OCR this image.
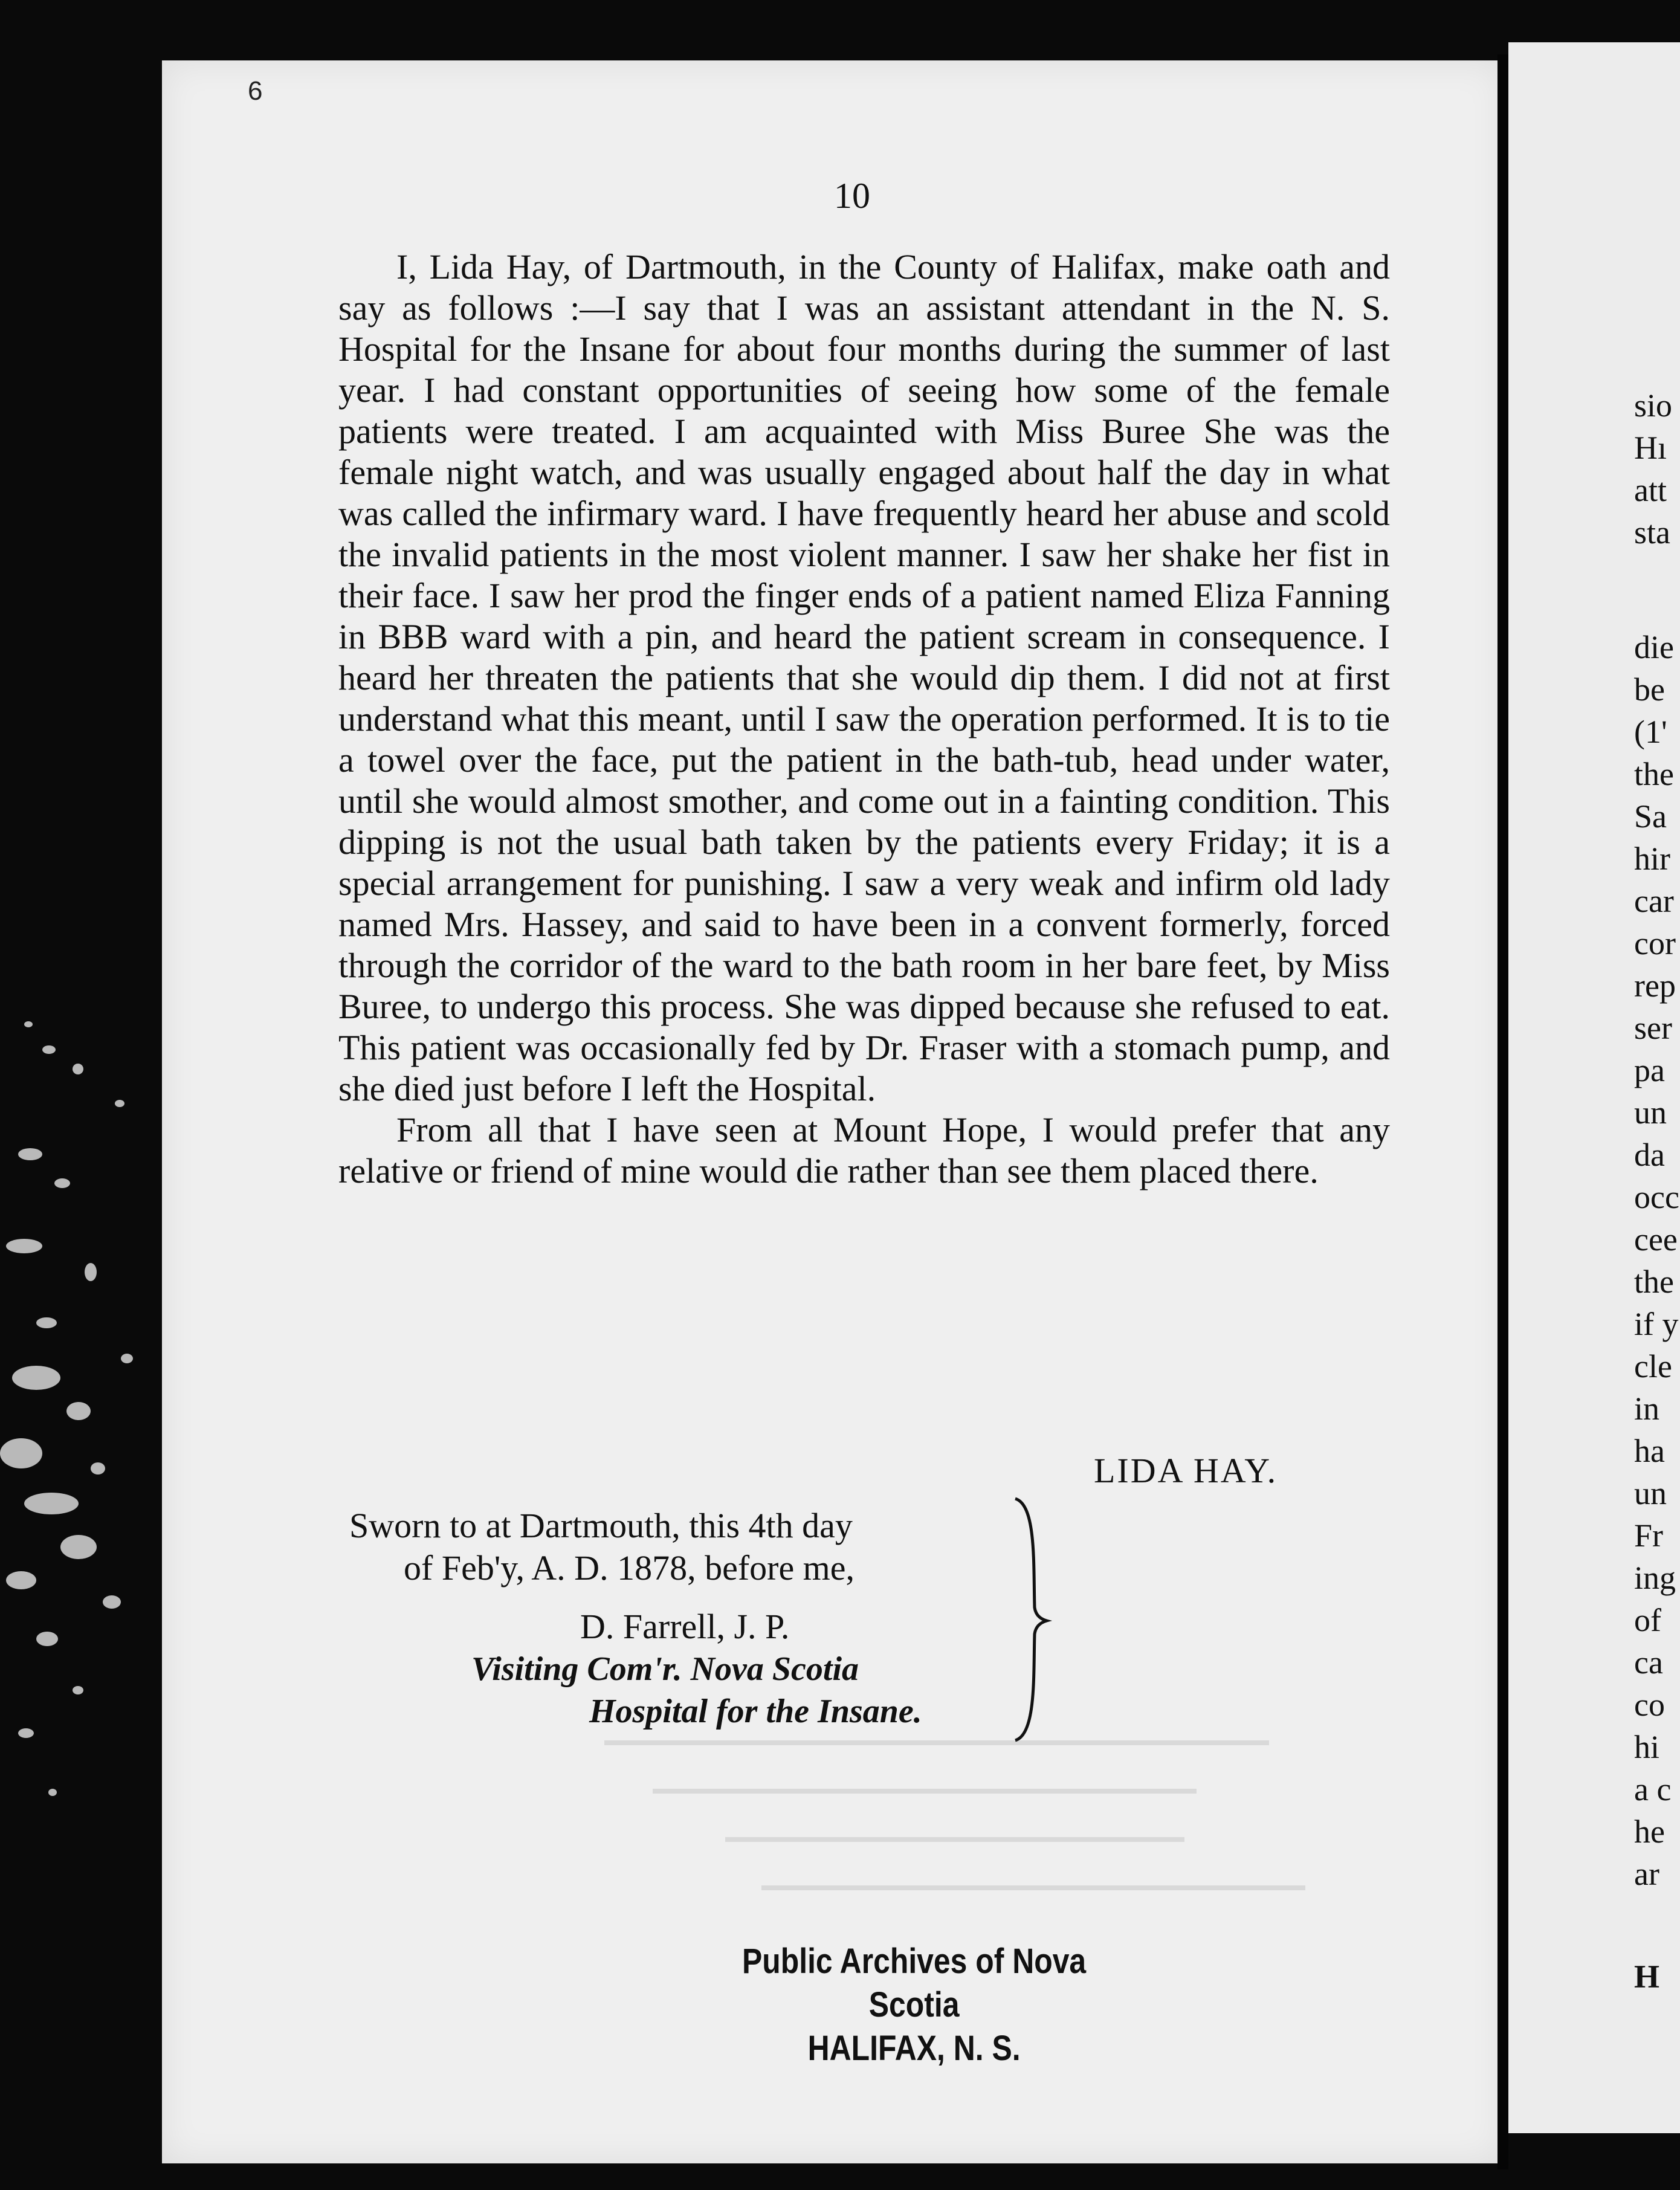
6
10

I, Lida Hay, of Dartmouth, in the County of Halifax, make oath and say as follows :—I say that I was an assistant attendant in the N. S. Hospital for the Insane for about four months during the summer of last year. I had constant opportunities of seeing how some of the female patients were treated. I am acquainted with Miss Buree She was the female night watch, and was usually engaged about half the day in what was called the infirmary ward. I have frequently heard her abuse and scold the invalid patients in the most violent manner. I saw her shake her fist in their face. I saw her prod the finger ends of a patient named Eliza Fanning in BBB ward with a pin, and heard the patient scream in consequence. I heard her threaten the patients that she would dip them. I did not at first understand what this meant, until I saw the operation performed. It is to tie a towel over the face, put the patient in the bath-tub, head under water, until she would almost smother, and come out in a fainting condition. This dipping is not the usual bath taken by the patients every Friday; it is a special arrangement for punishing. I saw a very weak and infirm old lady named Mrs. Hassey, and said to have been in a convent formerly, forced through the corridor of the ward to the bath room in her bare feet, by Miss Buree, to undergo this process. She was dipped because she refused to eat. This patient was occasionally fed by Dr. Fraser with a stomach pump, and she died just before I left the Hospital.

From all that I have seen at Mount Hope, I would prefer that any relative or friend of mine would die rather than see them placed there.

LIDA HAY.
Sworn to at Dartmouth, this 4th day
of Feb'y, A. D. 1878, before me,
D. Farrell, J. P.
Visiting Com'r. Nova Scotia
Hospital for the Insane.
Public Archives of Nova Scotia
HALIFAX, N. S.
sio
Hı
att
sta
die
be
(1'
the
Sa
hir
car
cor
rep
ser
pa
un
da
occ
cee
the
if y
cle
in
ha
un
Fr
ing
of
ca
co
hi
a c
he
ar
H
